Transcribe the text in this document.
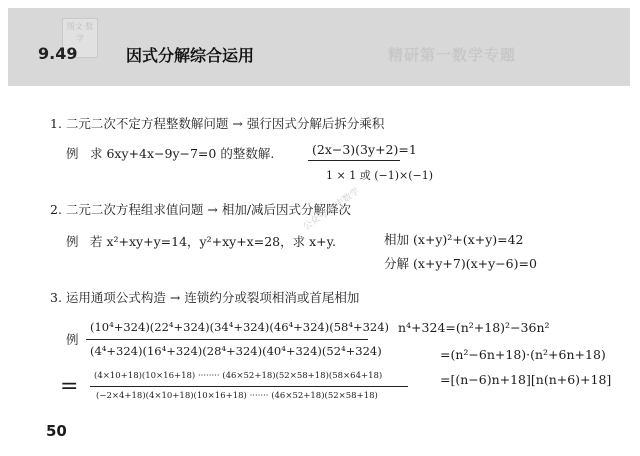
图文·数学
9.49	因式分解综合运用	精研第一数学专题
1. 二元二次不定方程整数解问题 → 强行因式分解后拆分乘积
例 求 6xy+4x−9y−7=0 的整数解.	(2x−3)(3y+2)=1
1 × 1 或 (−1)×(−1)
2. 二元二次方程组求值问题 → 相加/减后因式分解降次
例 若 x²+xy+y=14，y²+xy+x=28，求 x+y.	相加 (x+y)²+(x+y)=42
分解 (x+y+7)(x+y−6)=0
3. 运用通项公式构造 → 连锁约分或裂项相消或首尾相加
例
(10⁴+324)(22⁴+324)(34⁴+324)(46⁴+324)(58⁴+324)
(4⁴+324)(16⁴+324)(28⁴+324)(40⁴+324)(52⁴+324)
n⁴+324=(n²+18)²−36n²
=(n²−6n+18)·(n²+6n+18)
=[(n−6)n+18][n(n+6)+18]
= (4×10+18)(10×16+18) ········ (46×52+18)(52×58+18)(58×64+18)
(−2×4+18)(4×10+18)(10×16+18) ······· (46×52+18)(52×58+18)
公众号:初中数学
50
